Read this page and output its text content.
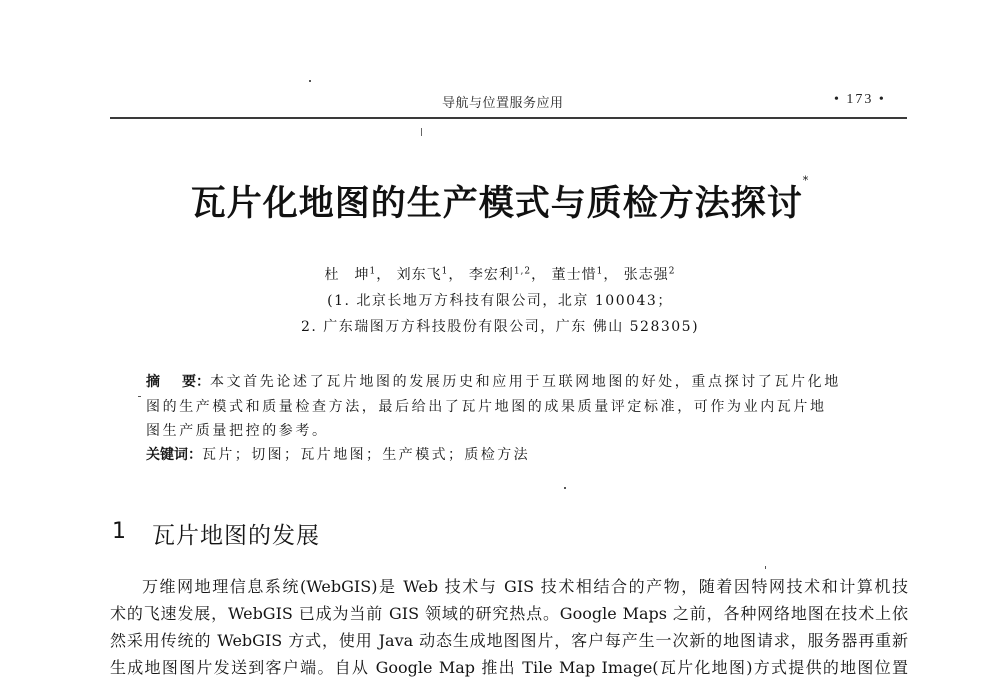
导航与位置服务应用	• 173 •
瓦片化地图的生产模式与质检方法探讨*
杜　坤$^1$， 刘东飞$^1$， 李宏利$^{1,2}$， 董士惜$^1$， 张志强$^2$
(1. 北京长地万方科技有限公司，北京 100043；
2. 广东瑞图万方科技股份有限公司，广东 佛山 528305)
摘 要：本文首先论述了瓦片地图的发展历史和应用于互联网地图的好处，重点探讨了瓦片化地
图的生产模式和质量检查方法，最后给出了瓦片地图的成果质量评定标准，可作为业内瓦片地
图生产质量把控的参考。
关键词：瓦片；切图；瓦片地图；生产模式；质检方法
1 瓦片地图的发展
万维网地理信息系统(WebGIS)是 Web 技术与 GIS 技术相结合的产物，随着因特网技术和计算机技
术的飞速发展，WebGIS 已成为当前 GIS 领域的研究热点。Google Maps 之前，各种网络地图在技术上依
然采用传统的 WebGIS 方式，使用 Java 动态生成地图图片，客户每产生一次新的地图请求，服务器再重新
生成地图图片发送到客户端。自从 Google Map 推出 Tile Map Image(瓦片化地图)方式提供的地图位置
